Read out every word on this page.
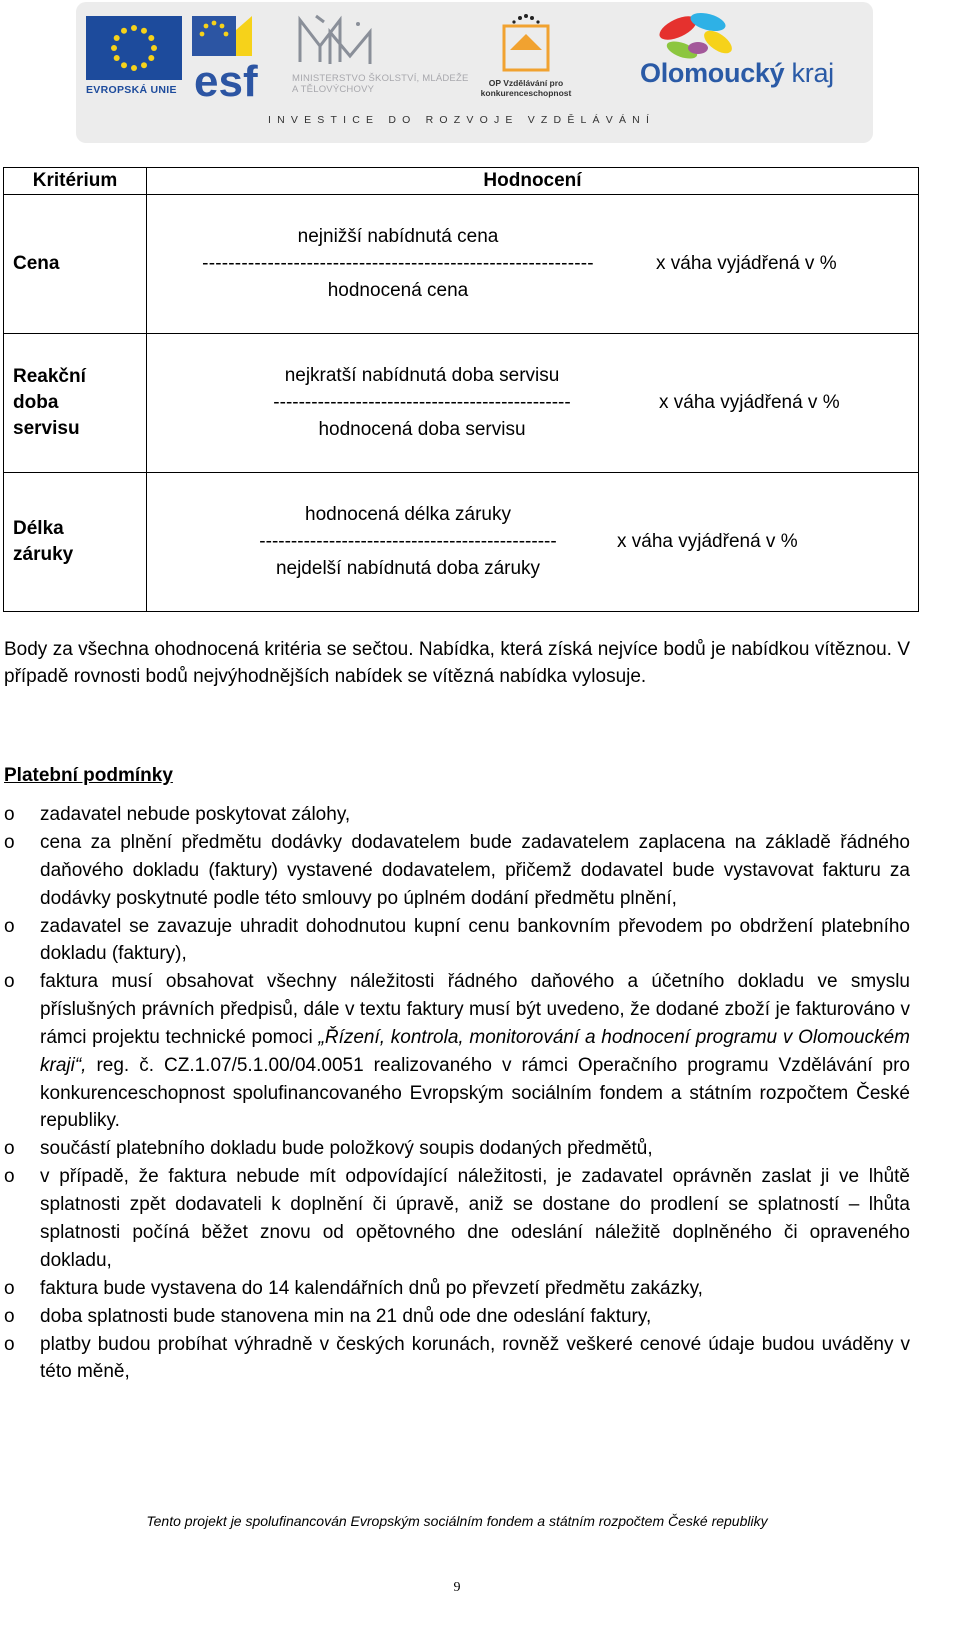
EVROPSKÁ UNIE esf	MINISTERSTVO ŠKOLSTVÍ, MLÁDEŽE A TĚLOVÝCHOVY
OP Vzdělávání pro konkurenceschopnost
Olomoucký kraj
INVESTICE DO ROZVOJE VZDĚLÁVÁNÍ
Kritérium	Hodnocení
Cena	nejnižší nabídnutá cena
------------------------------------------------------------
hodnocená cena
x váha vyjádřená v %

Reakční doba servisu	nejkratší nabídnutá doba servisu
-----------------------------------------------
hodnocená doba servisu
x váha vyjádřená v %

Délka záruky	hodnocená délka záruky
-----------------------------------------------
nejdelší nabídnutá doba záruky
x váha vyjádřená v %

Body za všechna ohodnocená kritéria se sečtou. Nabídka, která získá nejvíce bodů je nabídkou vítěznou. V případě rovnosti bodů nejvýhodnějších nabídek se vítězná nabídka vylosuje.

Platební podmínky
o zadavatel nebude poskytovat zálohy,
o cena za plnění předmětu dodávky dodavatelem bude zadavatelem zaplacena na základě řádného daňového dokladu (faktury) vystavené dodavatelem, přičemž dodavatel bude vystavovat fakturu za dodávky poskytnuté podle této smlouvy po úplném dodání předmětu plnění,
o zadavatel se zavazuje uhradit dohodnutou kupní cenu bankovním převodem po obdržení platebního dokladu (faktury),
o faktura musí obsahovat všechny náležitosti řádného daňového a účetního dokladu ve smyslu příslušných právních předpisů, dále v textu faktury musí být uvedeno, že dodané zboží je fakturováno v rámci projektu technické pomoci „Řízení, kontrola, monitorování a hodnocení programu v Olomouckém kraji“, reg. č. CZ.1.07/5.1.00/04.0051 realizovaného v rámci Operačního programu Vzdělávání pro konkurenceschopnost spolufinancovaného Evropským sociálním fondem a státním rozpočtem České republiky.
o součástí platebního dokladu bude položkový soupis dodaných předmětů,
o v případě, že faktura nebude mít odpovídající náležitosti, je zadavatel oprávněn zaslat ji ve lhůtě splatnosti zpět dodavateli k doplnění či úpravě, aniž se dostane do prodlení se splatností – lhůta splatnosti počíná běžet znovu od opětovného dne odeslání náležitě doplněného či opraveného dokladu,
o faktura bude vystavena do 14 kalendářních dnů po převzetí předmětu zakázky,
o doba splatnosti bude stanovena min na 21 dnů ode dne odeslání faktury,
o platby budou probíhat výhradně v českých korunách, rovněž veškeré cenové údaje budou uváděny v této měně,
Tento projekt je spolufinancován Evropským sociálním fondem a státním rozpočtem České republiky
9
